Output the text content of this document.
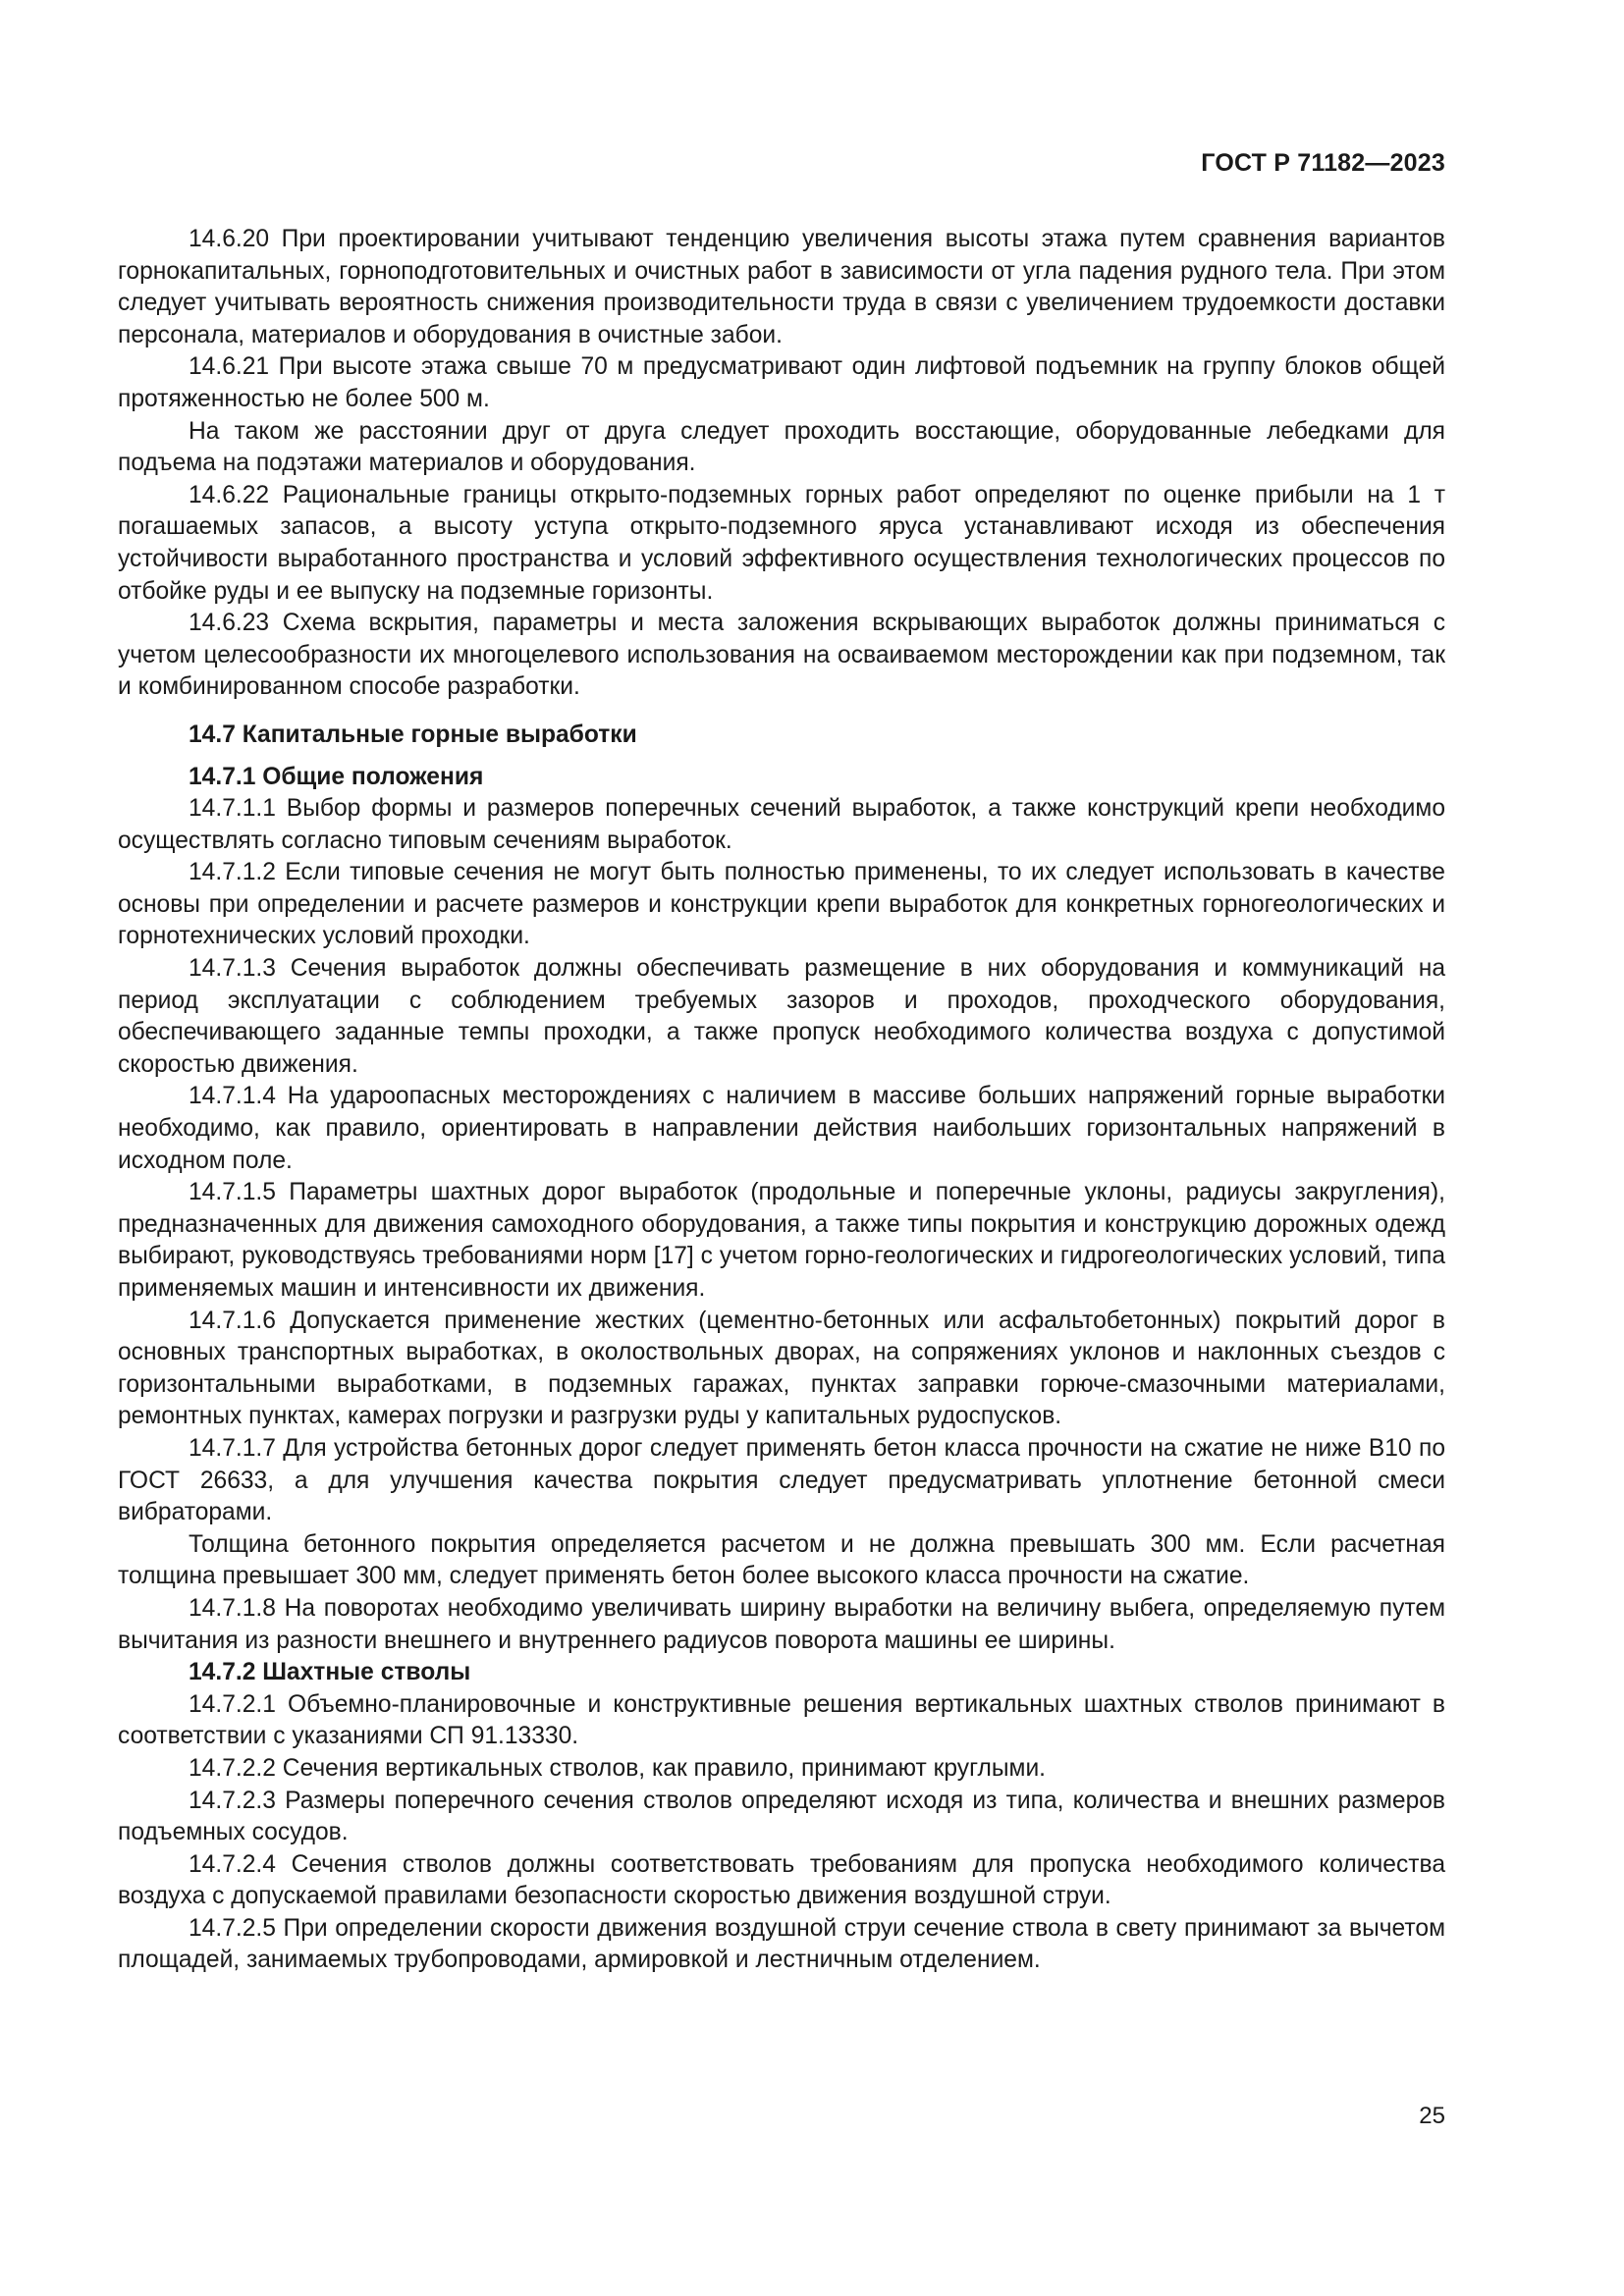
ГОСТ Р 71182—2023

14.6.20 При проектировании учитывают тенденцию увеличения высоты этажа путем сравнения вариантов горнокапитальных, горноподготовительных и очистных работ в зависимости от угла падения рудного тела. При этом следует учитывать вероятность снижения производительности труда в связи с увеличением трудоемкости доставки персонала, материалов и оборудования в очистные забои.

14.6.21 При высоте этажа свыше 70 м предусматривают один лифтовой подъемник на группу блоков общей протяженностью не более 500 м.

На таком же расстоянии друг от друга следует проходить восстающие, оборудованные лебедками для подъема на подэтажи материалов и оборудования.

14.6.22 Рациональные границы открыто-подземных горных работ определяют по оценке прибыли на 1 т погашаемых запасов, а высоту уступа открыто-подземного яруса устанавливают исходя из обеспечения устойчивости выработанного пространства и условий эффективного осуществления технологических процессов по отбойке руды и ее выпуску на подземные горизонты.

14.6.23 Схема вскрытия, параметры и места заложения вскрывающих выработок должны приниматься с учетом целесообразности их многоцелевого использования на осваиваемом месторождении как при подземном, так и комбинированном способе разработки.

14.7 Капитальные горные выработки

14.7.1 Общие положения

14.7.1.1 Выбор формы и размеров поперечных сечений выработок, а также конструкций крепи необходимо осуществлять согласно типовым сечениям выработок.

14.7.1.2 Если типовые сечения не могут быть полностью применены, то их следует использовать в качестве основы при определении и расчете размеров и конструкции крепи выработок для конкретных горногеологических и горнотехнических условий проходки.

14.7.1.3 Сечения выработок должны обеспечивать размещение в них оборудования и коммуникаций на период эксплуатации с соблюдением требуемых зазоров и проходов, проходческого оборудования, обеспечивающего заданные темпы проходки, а также пропуск необходимого количества воздуха с допустимой скоростью движения.

14.7.1.4 На удароопасных месторождениях с наличием в массиве больших напряжений горные выработки необходимо, как правило, ориентировать в направлении действия наибольших горизонтальных напряжений в исходном поле.

14.7.1.5 Параметры шахтных дорог выработок (продольные и поперечные уклоны, радиусы закругления), предназначенных для движения самоходного оборудования, а также типы покрытия и конструкцию дорожных одежд выбирают, руководствуясь требованиями норм [17] с учетом горно-геологических и гидрогеологических условий, типа применяемых машин и интенсивности их движения.

14.7.1.6 Допускается применение жестких (цементно-бетонных или асфальтобетонных) покрытий дорог в основных транспортных выработках, в околоствольных дворах, на сопряжениях уклонов и наклонных съездов с горизонтальными выработками, в подземных гаражах, пунктах заправки горюче-смазочными материалами, ремонтных пунктах, камерах погрузки и разгрузки руды у капитальных рудоспусков.

14.7.1.7 Для устройства бетонных дорог следует применять бетон класса прочности на сжатие не ниже В10 по ГОСТ 26633, а для улучшения качества покрытия следует предусматривать уплотнение бетонной смеси вибраторами.

Толщина бетонного покрытия определяется расчетом и не должна превышать 300 мм. Если расчетная толщина превышает 300 мм, следует применять бетон более высокого класса прочности на сжатие.

14.7.1.8 На поворотах необходимо увеличивать ширину выработки на величину выбега, определяемую путем вычитания из разности внешнего и внутреннего радиусов поворота машины ее ширины.

14.7.2 Шахтные стволы

14.7.2.1 Объемно-планировочные и конструктивные решения вертикальных шахтных стволов принимают в соответствии с указаниями СП 91.13330.

14.7.2.2 Сечения вертикальных стволов, как правило, принимают круглыми.

14.7.2.3 Размеры поперечного сечения стволов определяют исходя из типа, количества и внешних размеров подъемных сосудов.

14.7.2.4 Сечения стволов должны соответствовать требованиям для пропуска необходимого количества воздуха с допускаемой правилами безопасности скоростью движения воздушной струи.

14.7.2.5 При определении скорости движения воздушной струи сечение ствола в свету принимают за вычетом площадей, занимаемых трубопроводами, армировкой и лестничным отделением.

25
